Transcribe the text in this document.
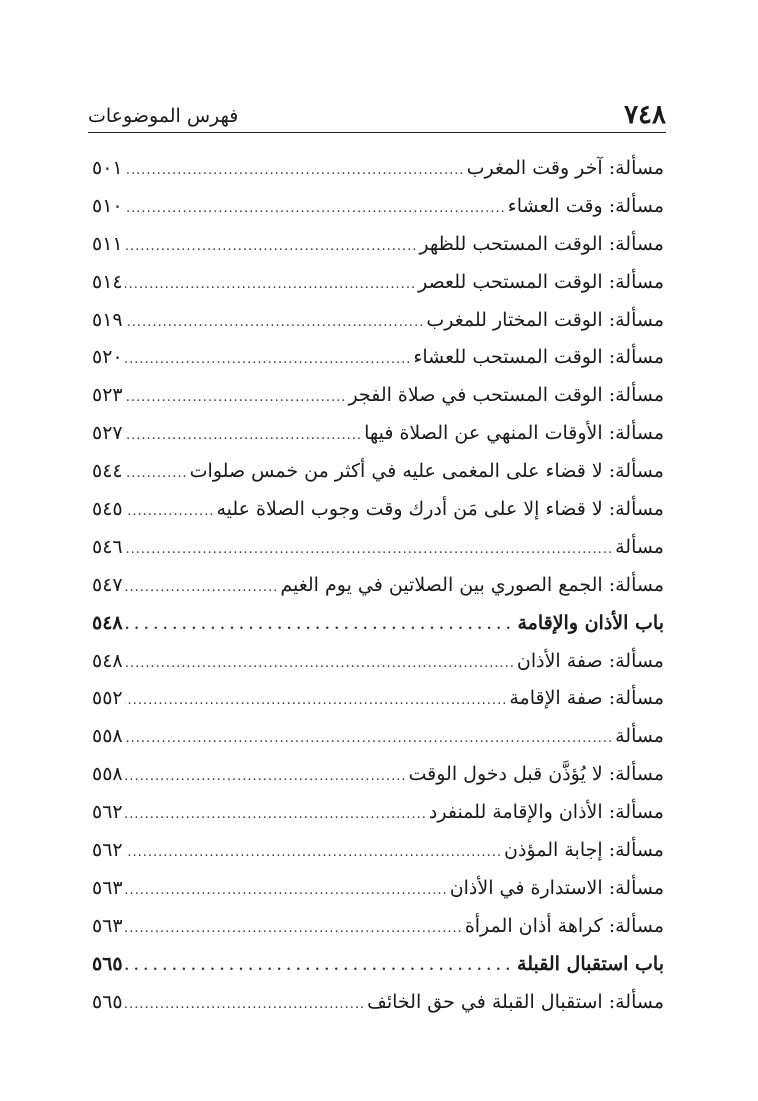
٧٤٨
فهرس الموضوعات
مسألة: آخر وقت المغرب
.....
٥٠١
مسألة: وقت العشاء
.....
٥١٠
مسألة: الوقت المستحب للظهر
.....
٥١١
مسألة: الوقت المستحب للعصر
.....
٥١٤
مسألة: الوقت المختار للمغرب
.....
٥١٩
مسألة: الوقت المستحب للعشاء
.....
٥٢٠
مسألة: الوقت المستحب في صلاة الفجر
.....
٥٢٣
مسألة: الأوقات المنهي عن الصلاة فيها
.....
٥٢٧
مسألة: لا قضاء على المغمى عليه في أكثر من خمس صلوات
.....
٥٤٤
مسألة: لا قضاء إلا على مَن أدرك وقت وجوب الصلاة عليه
.....
٥٤٥
مسألة
.....
٥٤٦
مسألة: الجمع الصوري بين الصلاتين في يوم الغيم
.....
٥٤٧
باب الأذان والإقامة
.....
٥٤٨
مسألة: صفة الأذان
.....
٥٤٨
مسألة: صفة الإقامة
.....
٥٥٢
مسألة
.....
٥٥٨
مسألة: لا يُؤذَّن قبل دخول الوقت
.....
٥٥٨
مسألة: الأذان والإقامة للمنفرد
.....
٥٦٢
مسألة: إجابة المؤذن
.....
٥٦٢
مسألة: الاستدارة في الأذان
.....
٥٦٣
مسألة: كراهة أذان المرأة
.....
٥٦٣
باب استقبال القبلة
.....
٥٦٥
مسألة: استقبال القبلة في حق الخائف
.....
٥٦٥
